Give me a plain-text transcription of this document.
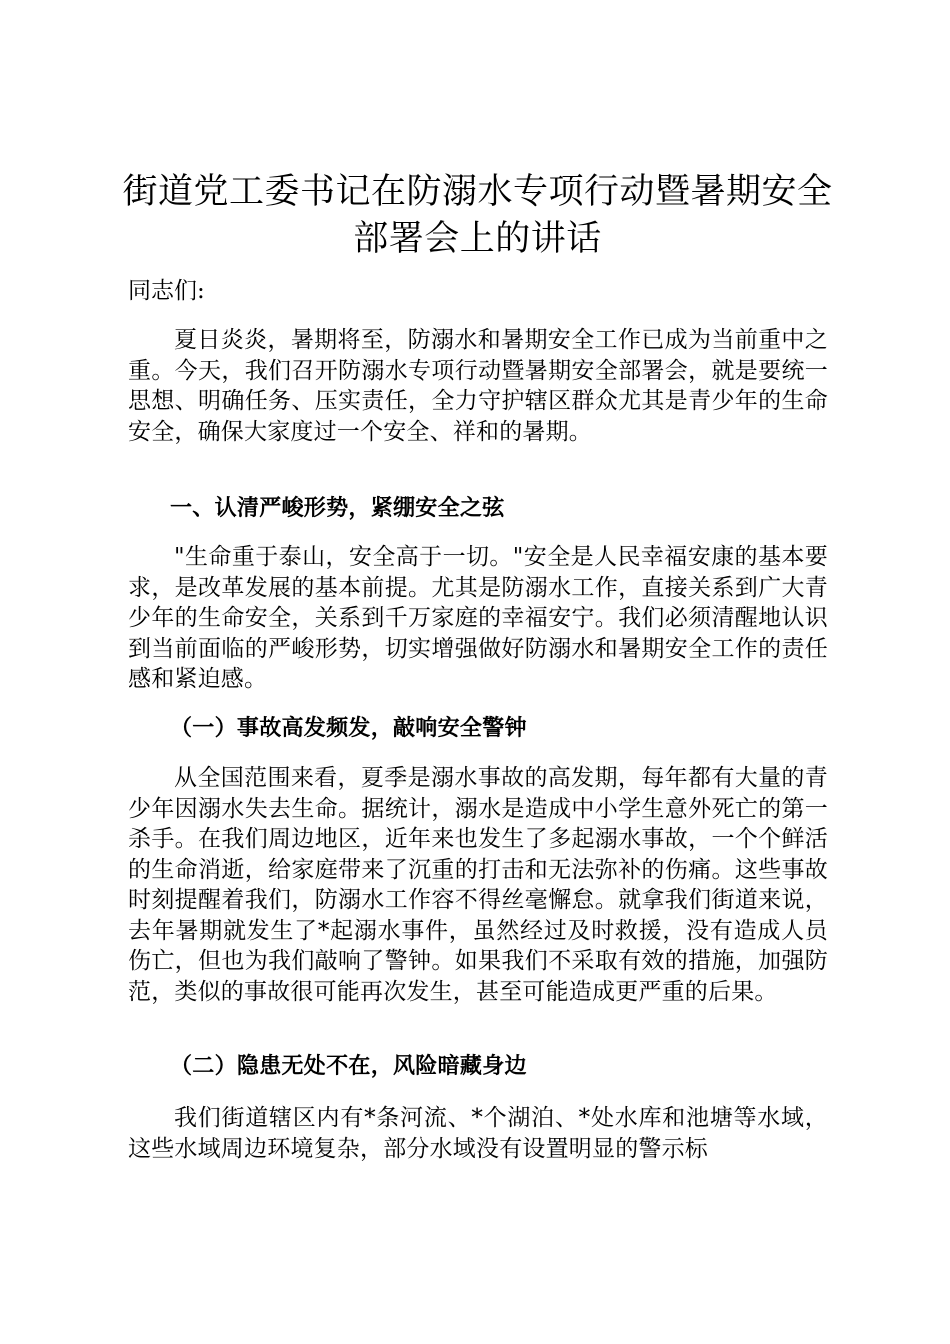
街道党工委书记在防溺水专项行动暨暑期安全
部署会上的讲话
同志们:

夏日炎炎，暑期将至，防溺水和暑期安全工作已成为当前重中之重。今天，我们召开防溺水专项行动暨暑期安全部署会，就是要统一思想、明确任务、压实责任，全力守护辖区群众尤其是青少年的生命安全，确保大家度过一个安全、祥和的暑期。

一、认清严峻形势，紧绷安全之弦

"生命重于泰山，安全高于一切。"安全是人民幸福安康的基本要求，是改革发展的基本前提。尤其是防溺水工作，直接关系到广大青少年的生命安全，关系到千万家庭的幸福安宁。我们必须清醒地认识到当前面临的严峻形势，切实增强做好防溺水和暑期安全工作的责任感和紧迫感。

（一）事故高发频发，敲响安全警钟

从全国范围来看，夏季是溺水事故的高发期，每年都有大量的青少年因溺水失去生命。据统计，溺水是造成中小学生意外死亡的第一杀手。在我们周边地区，近年来也发生了多起溺水事故，一个个鲜活的生命消逝，给家庭带来了沉重的打击和无法弥补的伤痛。这些事故时刻提醒着我们，防溺水工作容不得丝毫懈怠。就拿我们街道来说，去年暑期就发生了*起溺水事件，虽然经过及时救援，没有造成人员伤亡，但也为我们敲响了警钟。如果我们不采取有效的措施，加强防范，类似的事故很可能再次发生，甚至可能造成更严重的后果。

（二）隐患无处不在，风险暗藏身边

我们街道辖区内有*条河流、*个湖泊、*处水库和池塘等水域，这些水域周边环境复杂，部分水域没有设置明显的警示标
